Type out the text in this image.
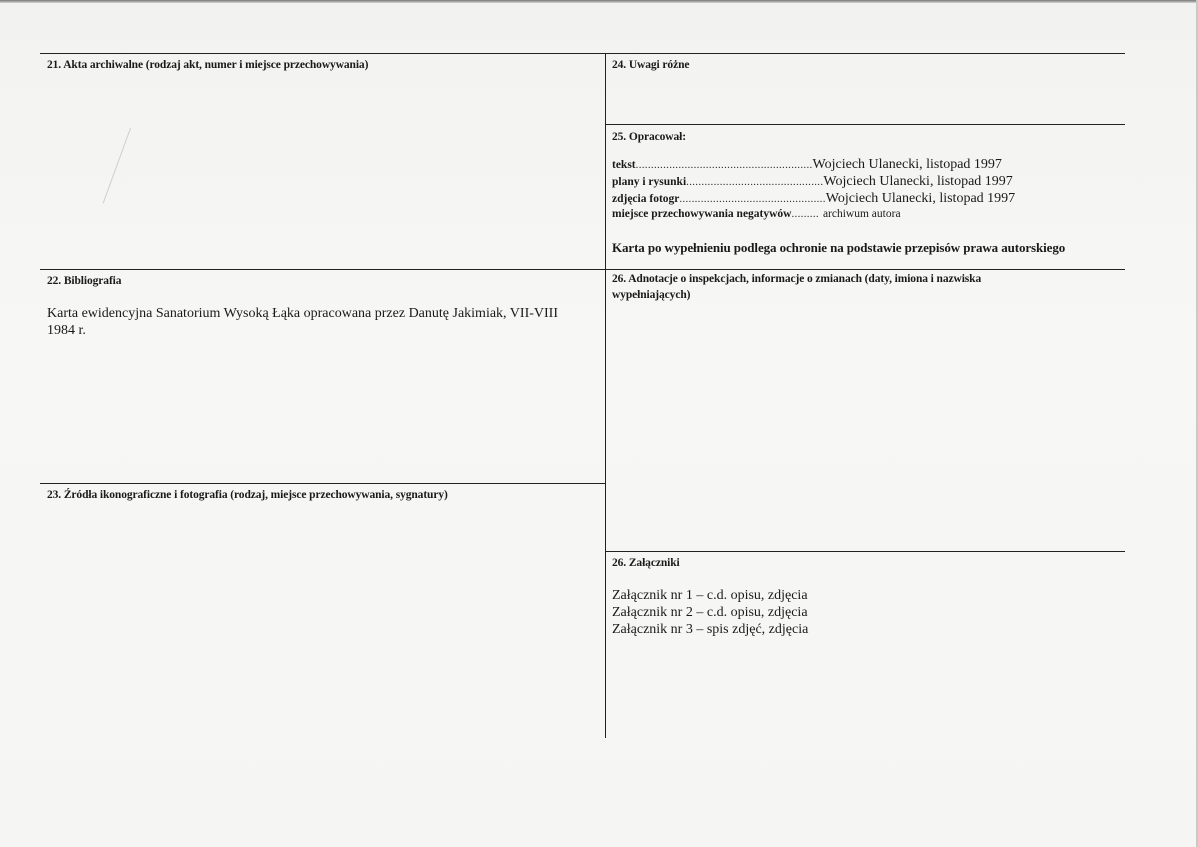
21. Akta archiwalne (rodzaj akt, numer i miejsce przechowywania)
22. Bibliografia
Karta ewidencyjna Sanatorium Wysoką Łąka opracowana przez Danutę Jakimiak, VII-VIII
1984 r.
23. Źródła ikonograficzne i fotografia (rodzaj, miejsce przechowywania, sygnatury)
24. Uwagi różne
25. Opracował:
tekst .......................................................... Wojciech Ulanecki, listopad 1997
plany i rysunki ............................................. Wojciech Ulanecki, listopad 1997
zdjęcia fotogr ................................................ Wojciech Ulanecki, listopad 1997
miejsce przechowywania negatywów ......... archiwum autora
Karta po wypełnieniu podlega ochronie na podstawie przepisów prawa autorskiego
26. Adnotacje o inspekcjach, informacje o zmianach (daty, imiona i nazwiska
wypełniających)
26. Załączniki
Załącznik nr 1 – c.d. opisu, zdjęcia
Załącznik nr 2 – c.d. opisu, zdjęcia
Załącznik nr 3 – spis zdjęć, zdjęcia
